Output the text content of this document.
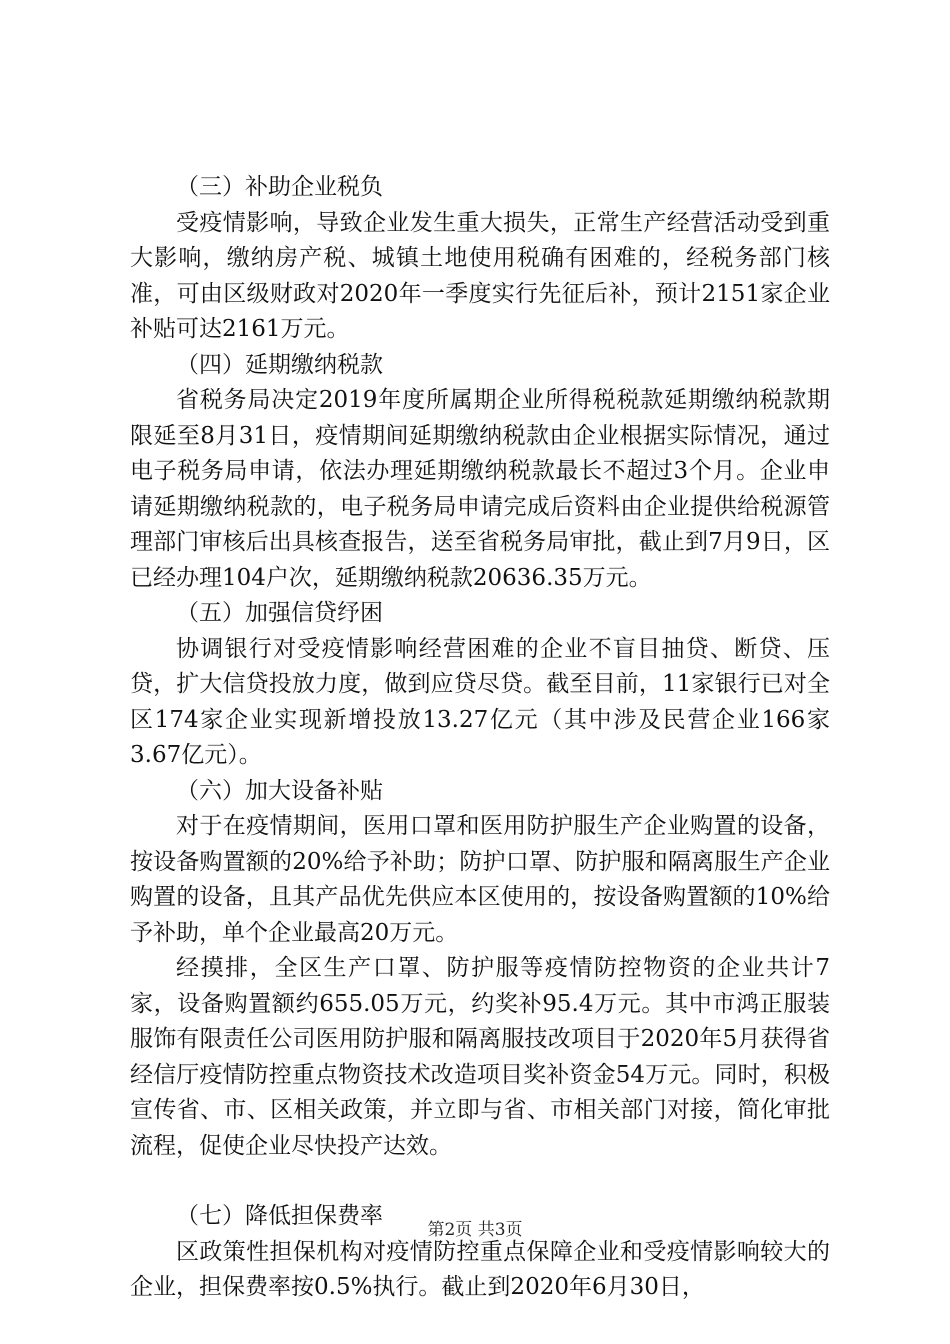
（三）补助企业税负

受疫情影响，导致企业发生重大损失，正常生产经营活动受到重大影响，缴纳房产税、城镇土地使用税确有困难的，经税务部门核准，可由区级财政对2020年一季度实行先征后补，预计2151家企业补贴可达2161万元。

（四）延期缴纳税款

省税务局决定2019年度所属期企业所得税税款延期缴纳税款期限延至8月31日，疫情期间延期缴纳税款由企业根据实际情况，通过电子税务局申请，依法办理延期缴纳税款最长不超过3个月。企业申请延期缴纳税款的，电子税务局申请完成后资料由企业提供给税源管理部门审核后出具核查报告，送至省税务局审批，截止到7月9日，区已经办理104户次，延期缴纳税款20636.35万元。

（五）加强信贷纾困

协调银行对受疫情影响经营困难的企业不盲目抽贷、断贷、压贷，扩大信贷投放力度，做到应贷尽贷。截至目前，11家银行已对全区174家企业实现新增投放13.27亿元（其中涉及民营企业166家3.67亿元）。

（六）加大设备补贴

对于在疫情期间，医用口罩和医用防护服生产企业购置的设备，按设备购置额的20%给予补助；防护口罩、防护服和隔离服生产企业购置的设备，且其产品优先供应本区使用的，按设备购置额的10%给予补助，单个企业最高20万元。

经摸排，全区生产口罩、防护服等疫情防控物资的企业共计7家，设备购置额约655.05万元，约奖补95.4万元。其中市鸿正服装服饰有限责任公司医用防护服和隔离服技改项目于2020年5月获得省经信厅疫情防控重点物资技术改造项目奖补资金54万元。同时，积极宣传省、市、区相关政策，并立即与省、市相关部门对接，简化审批流程，促使企业尽快投产达效。

（七）降低担保费率

区政策性担保机构对疫情防控重点保障企业和受疫情影响较大的企业，担保费率按0.5%执行。截止到2020年6月30日，

第2页 共3页
